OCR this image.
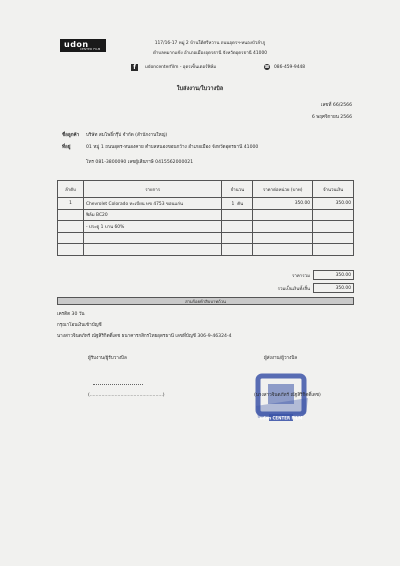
udon
CENTER FILM
117/16-17 หมู่ 2 บ้านใต้ศรีหวาน ถนนอุดรฯ-หนองบัวลำภู
ตำบลหมากแข้ง อำเภอเมืองอุดรธานี จังหวัดอุดรธานี 41000
f	udoncenterfilm - อุดรเซ็นเตอร์ฟิล์ม	☎ 086-459-9448
ใบส่งงาน/ใบวางบิล
เลขที่ 66/2566
6 พฤศจิกายน 2566
ชื่อลูกค้า บริษัท สมโพธิ์กรุ๊ป จำกัด (สำนักงานใหญ่)
ที่อยู่	01 หมู่ 1 ถนนอุดร-หนองคาย ตำบลหนองขอนกว้าง อำเภอเมือง จังหวัดอุดรธานี 41000
โทร 081-3800090 เลขผู้เสียภาษี 0415562000021
ลำดับ	รายการ	จำนวน	ราคาต่อหน่วย (บาท)	จำนวนเงิน
1	Chevrolet Colorado ทะเบียน ษข 4753 ขอนแก่น	1 คัน	350.00	350.00
	ฟิล์ม BC20			
	- ประตู 1 บาน 60%			

ราคารวม	350.00
รวมเป็นเงินทั้งสิ้น	350.00
สามร้อยห้าสิบบาทถ้วน
เครดิต 30 วัน
กรุณาโอนเงินเข้าบัญชี
นางสาวจินตภัทร์ ณัฐสิริกิตติ์เดช ธนาคารกสิกรไทยอุดรธานี เลขที่บัญชี 306-9-46324-4
ผู้รับงาน/ผู้รับวางบิล
(..................................................)
ผู้ส่งงาน/ผู้วางบิล
udon CENTER FILM
(นางสาวจินตภัทร์ ณัฐสิริกิตติ์เดช)
